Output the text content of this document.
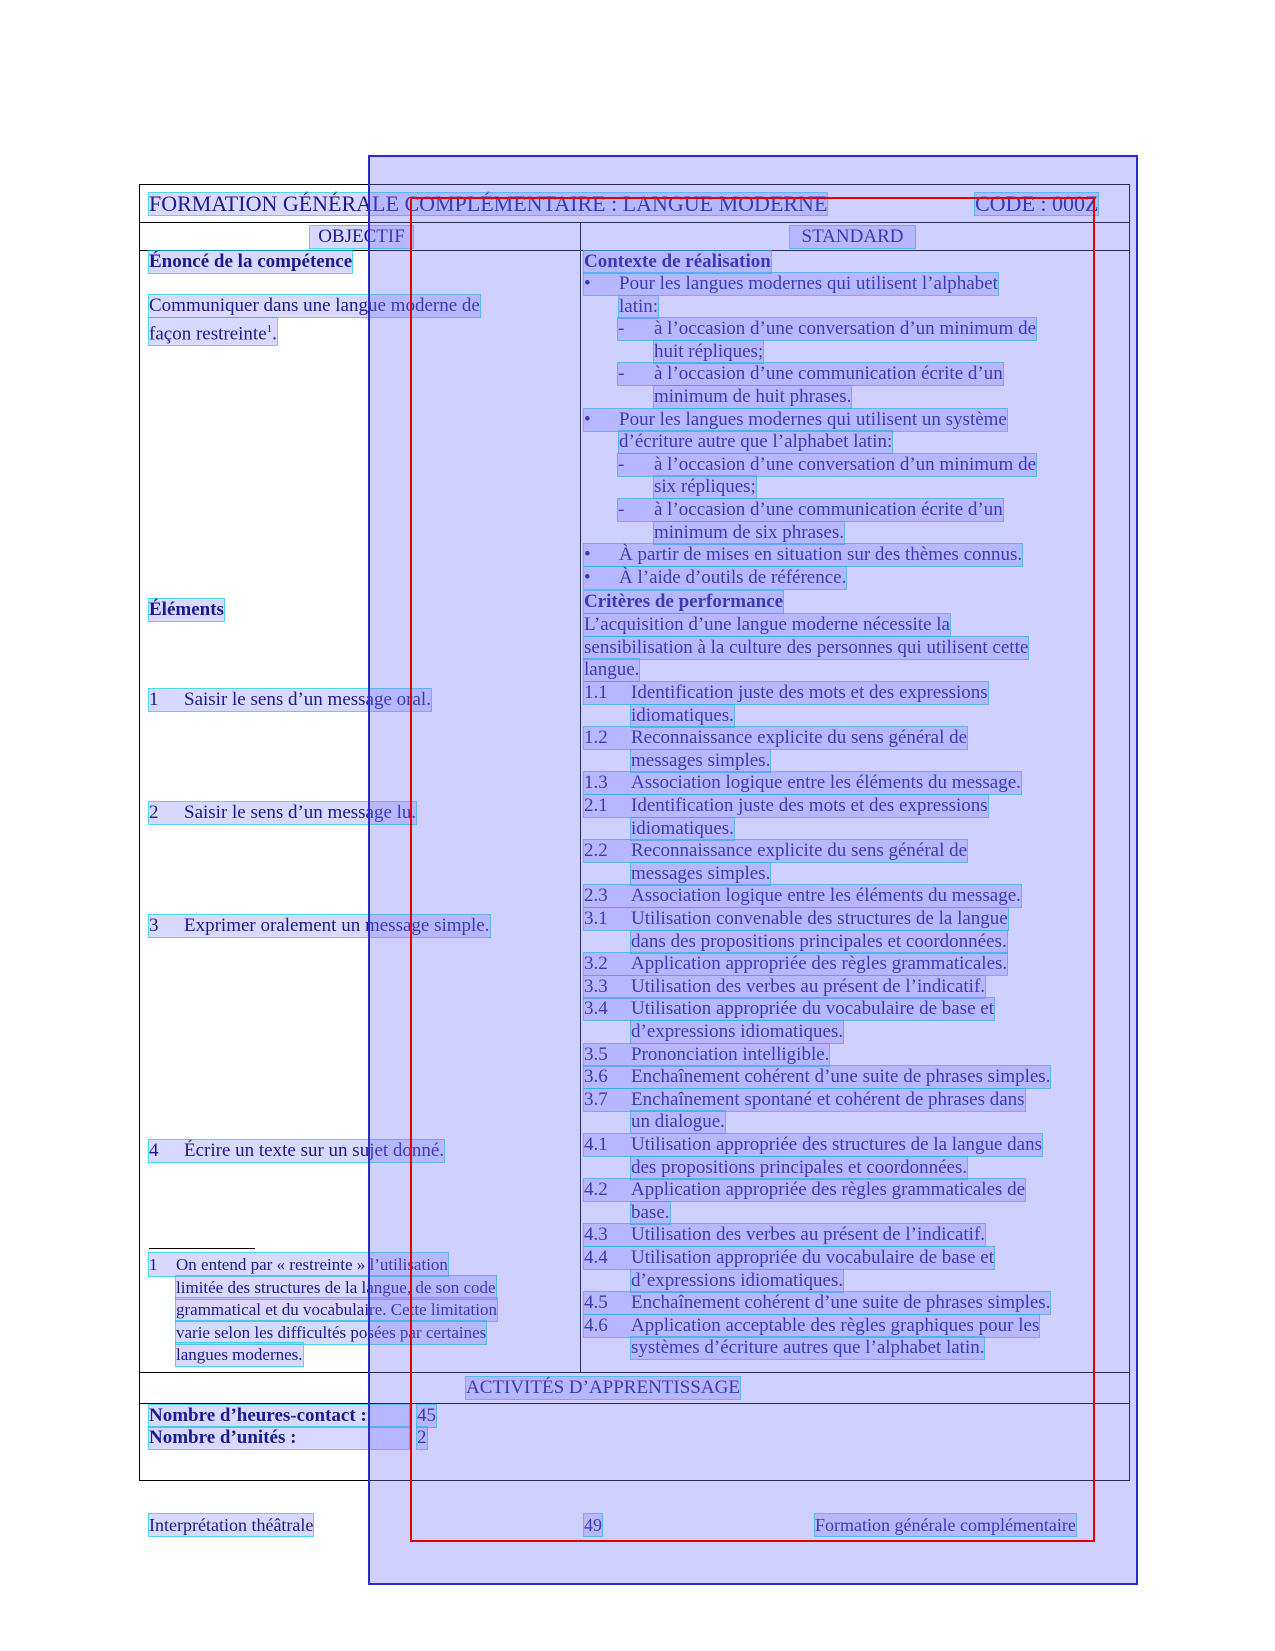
FORMATION GÉNÉRALE COMPLÉMENTAIRE : LANGUE MODERNE	CODE : 000Z
OBJECTIF	STANDARD
Énoncé de la compétence
Communiquer dans une langue moderne de
façon restreinte$^1$.
Éléments
1 Saisir le sens d’un message oral.
2 Saisir le sens d’un message lu.
3 Exprimer oralement un message simple.
4 Écrire un texte sur un sujet donné.
1 On entend par « restreinte » l’utilisation
limitée des structures de la langue, de son code
grammatical et du vocabulaire. Cette limitation
varie selon les difficultés posées par certaines
langues modernes.
Contexte de réalisation
• Pour les langues modernes qui utilisent l’alphabet
latin:
- à l’occasion d’une conversation d’un minimum de
huit répliques;
- à l’occasion d’une communication écrite d’un
minimum de huit phrases.
• Pour les langues modernes qui utilisent un système
d’écriture autre que l’alphabet latin:
- à l’occasion d’une conversation d’un minimum de
six répliques;
- à l’occasion d’une communication écrite d’un
minimum de six phrases.
• À partir de mises en situation sur des thèmes connus.
• À l’aide d’outils de référence.
Critères de performance
L’acquisition d’une langue moderne nécessite la
sensibilisation à la culture des personnes qui utilisent cette
langue.
1.1 Identification juste des mots et des expressions
idiomatiques.
1.2 Reconnaissance explicite du sens général de
messages simples.
1.3 Association logique entre les éléments du message.
2.1 Identification juste des mots et des expressions
idiomatiques.
2.2 Reconnaissance explicite du sens général de
messages simples.
2.3 Association logique entre les éléments du message.
3.1 Utilisation convenable des structures de la langue
dans des propositions principales et coordonnées.
3.2 Application appropriée des règles grammaticales.
3.3 Utilisation des verbes au présent de l’indicatif.
3.4 Utilisation appropriée du vocabulaire de base et
d’expressions idiomatiques.
3.5 Prononciation intelligible.
3.6 Enchaînement cohérent d’une suite de phrases simples.
3.7 Enchaînement spontané et cohérent de phrases dans
un dialogue.
4.1 Utilisation appropriée des structures de la langue dans
des propositions principales et coordonnées.
4.2 Application appropriée des règles grammaticales de
base.
4.3 Utilisation des verbes au présent de l’indicatif.
4.4 Utilisation appropriée du vocabulaire de base et
d’expressions idiomatiques.
4.5 Enchaînement cohérent d’une suite de phrases simples.
4.6 Application acceptable des règles graphiques pour les
systèmes d’écriture autres que l’alphabet latin.
ACTIVITÉS D’APPRENTISSAGE
Nombre d’heures-contact :	45
Nombre d’unités :	2
Interprétation théâtrale	49	Formation générale complémentaire
